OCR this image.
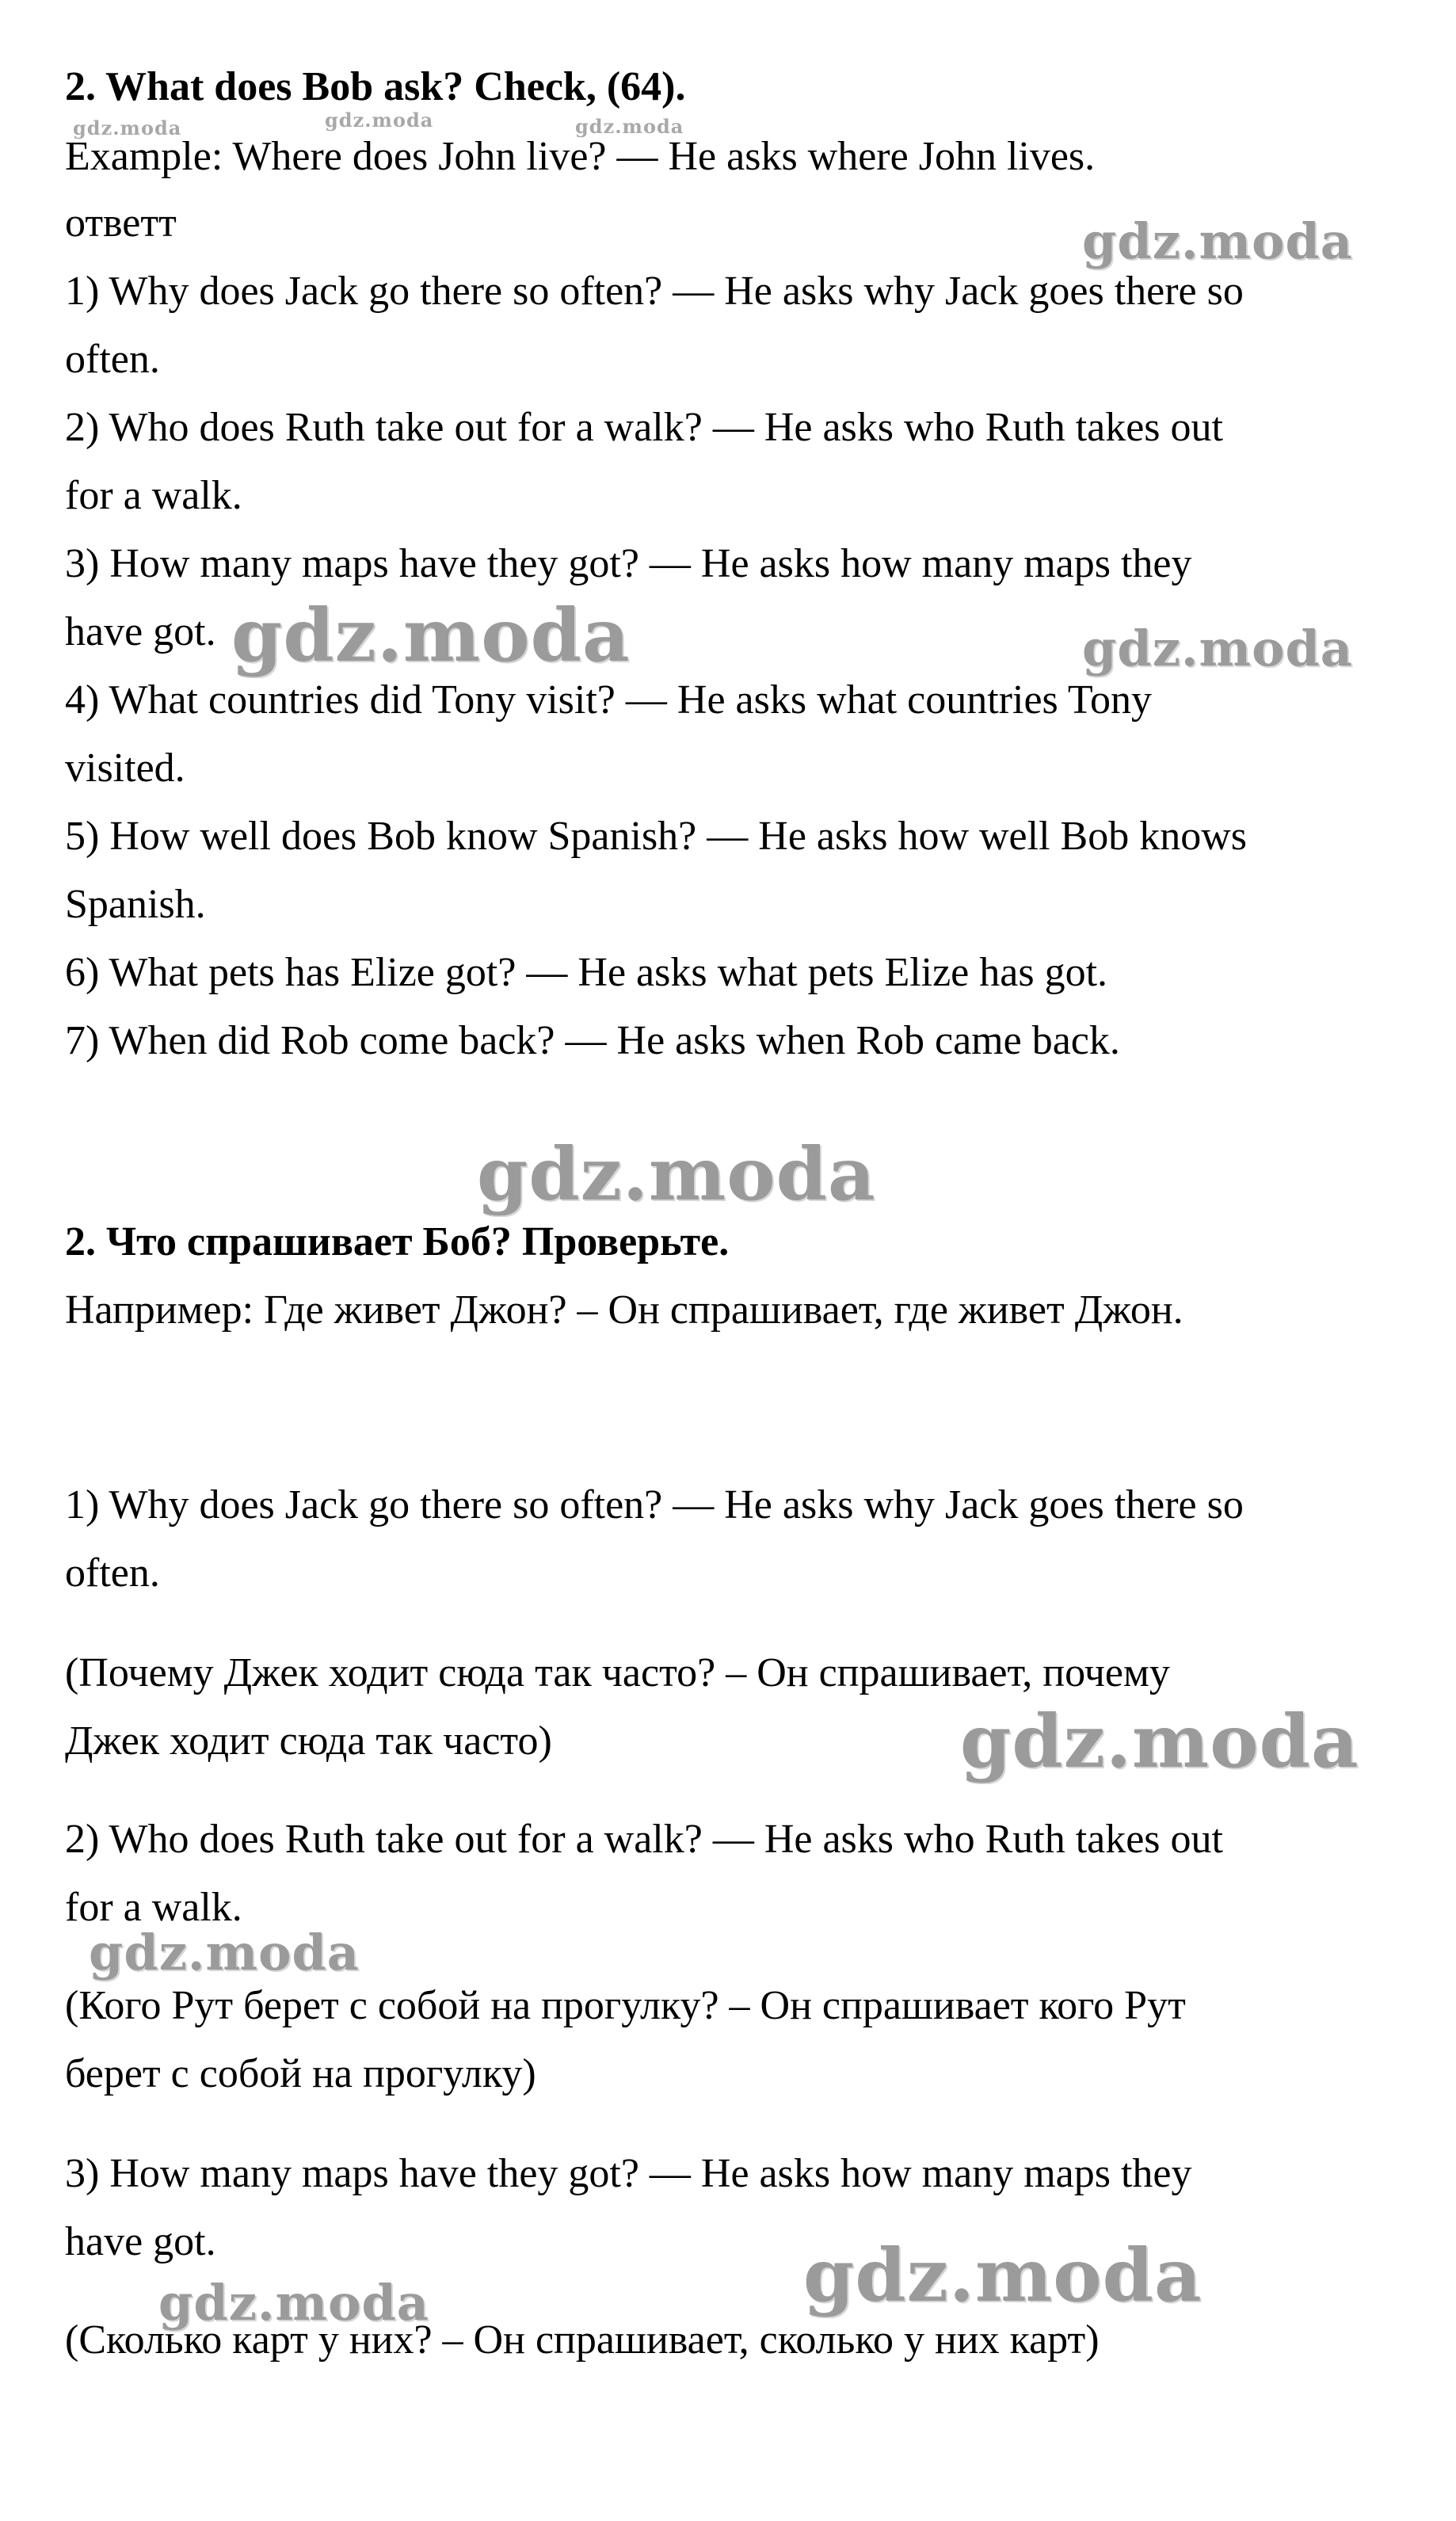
2. What does Bob ask? Check, (64).
Example: Where does John live? — He asks where John lives.
ответт
1) Why does Jack go there so often? — He asks why Jack goes there so
often.
2) Who does Ruth take out for a walk? — He asks who Ruth takes out
for a walk.
3) How many maps have they got? — He asks how many maps they
have got.
4) What countries did Tony visit? — He asks what countries Tony
visited.
5) How well does Bob know Spanish? — He asks how well Bob knows
Spanish.
6) What pets has Elize got? — He asks what pets Elize has got.
7) When did Rob come back? — He asks when Rob came back.
2. Что спрашивает Боб? Проверьте.
Например: Где живет Джон? – Он спрашивает, где живет Джон.
1) Why does Jack go there so often? — He asks why Jack goes there so
often.
(Почему Джек ходит сюда так часто? – Он спрашивает, почему
Джек ходит сюда так часто)
2) Who does Ruth take out for a walk? — He asks who Ruth takes out
for a walk.
(Кого Рут берет с собой на прогулку? – Он спрашивает кого Рут
берет с собой на прогулку)
3) How many maps have they got? — He asks how many maps they
have got.
(Сколько карт у них? – Он спрашивает, сколько у них карт)
gdz.moda	gdz.moda	gdz.moda
gdz.moda
gdz.moda	gdz.moda
gdz.moda
gdz.moda
gdz.moda
gdz.moda
gdz.moda
